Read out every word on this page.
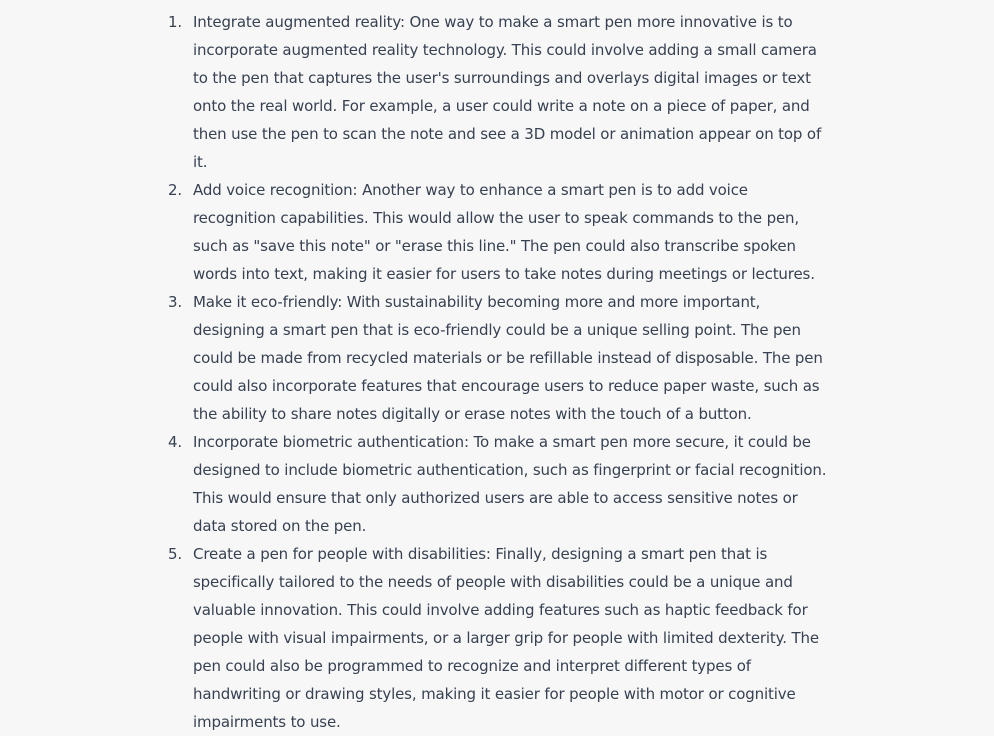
1. Integrate augmented reality: One way to make a smart pen more innovative is to incorporate augmented reality technology. This could involve adding a small camera to the pen that captures the user's surroundings and overlays digital images or text onto the real world. For example, a user could write a note on a piece of paper, and then use the pen to scan the note and see a 3D model or animation appear on top of it.
2. Add voice recognition: Another way to enhance a smart pen is to add voice recognition capabilities. This would allow the user to speak commands to the pen, such as "save this note" or "erase this line." The pen could also transcribe spoken words into text, making it easier for users to take notes during meetings or lectures.
3. Make it eco-friendly: With sustainability becoming more and more important, designing a smart pen that is eco-friendly could be a unique selling point. The pen could be made from recycled materials or be refillable instead of disposable. The pen could also incorporate features that encourage users to reduce paper waste, such as the ability to share notes digitally or erase notes with the touch of a button.
4. Incorporate biometric authentication: To make a smart pen more secure, it could be designed to include biometric authentication, such as fingerprint or facial recognition. This would ensure that only authorized users are able to access sensitive notes or data stored on the pen.
5. Create a pen for people with disabilities: Finally, designing a smart pen that is specifically tailored to the needs of people with disabilities could be a unique and valuable innovation. This could involve adding features such as haptic feedback for people with visual impairments, or a larger grip for people with limited dexterity. The pen could also be programmed to recognize and interpret different types of handwriting or drawing styles, making it easier for people with motor or cognitive impairments to use.
